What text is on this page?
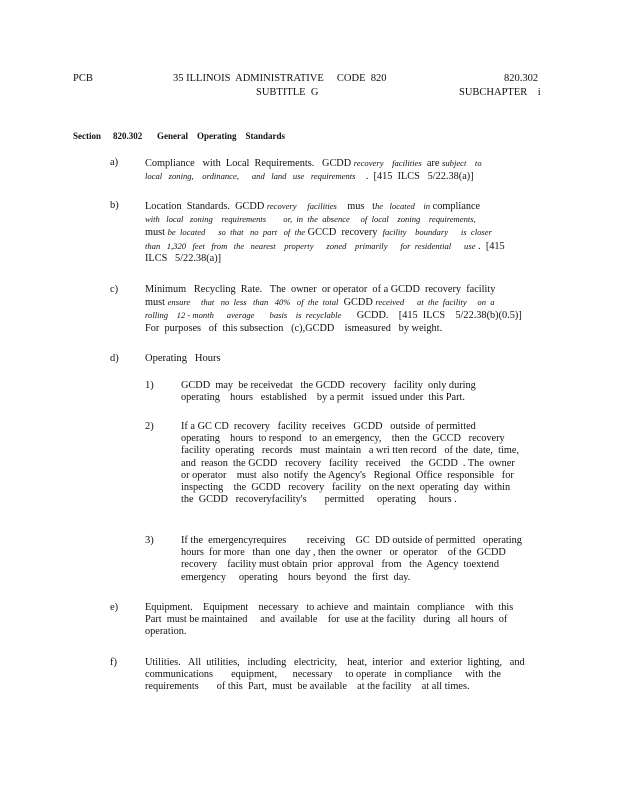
PCB	35 ILLINOIS  ADMINISTRATIVE     CODE  820	820.302
SUBTITLE  G	SUBCHAPTER    i
Section 820.302 General    Operating    Standards
a)	Compliance   with  Local  Requirements.   GCDD recovery    facilities  are subject    to
local   zoning,    ordinance,      and   land   use   requirements    .  [415  ILCS   5/22.38(a)]
b)	Location  Standards.  GCDD recovery     facilities    mus   the   located    in compliance
with   local   zoning    requirements        or,  in  the  absence     of  local    zoning    requirements,
must be  located      so  that   no  part   of  the GCCD  recovery  facility    boundary      is  closer
than   1,320   feet   from   the   nearest    property      zoned    primarily      for  residential      use .  [415
ILCS   5/22.38(a)]
c)	Minimum   Recycling  Rate.   The  owner  or operator  of a GCDD  recovery  facility
must ensure     that   no  less   than   40%   of  the  total  GCDD received      at  the  facility     on  a
rolling    12 - month      average       basis    is  recyclable      GCDD.    [415  ILCS    5/22.38(b)(0.5)]
For  purposes   of  this subsection   (c),GCDD    ismeasured   by weight.
d)	Operating   Hours
1)	GCDD  may  be receivedat   the GCDD  recovery   facility  only during
operating    hours   established    by a permit   issued under  this Part.
2)	If a GC CD  recovery   facility  receives   GCDD   outside  of permitted
operating    hours  to respond   to  an emergency,    then  the  GCCD   recovery
facility  operating   records   must  maintain   a wri tten record   of the  date,  time,
and  reason  the GCDD   recovery   facility   received    the  GCDD  . The  owner
or operator    must  also  notify  the Agency's   Regional  Office  responsible   for
inspecting    the  GCDD   recovery   facility   on the next  operating  day  within
the  GCDD   recoveryfacility's       permitted     operating     hours .
3)	If the  emergencyrequires        receiving    GC  DD outside of permitted   operating
hours  for more   than  one  day , then  the owner   or  operator    of the  GCDD
recovery    facility must obtain  prior  approval   from   the  Agency  toextend
emergency     operating    hours  beyond   the  first  day.
e)	Equipment.    Equipment    necessary   to achieve  and  maintain   compliance    with  this
Part  must be maintained     and  available    for  use at the facility   during   all hours  of
operation.
f)	Utilities.   All  utilities,   including   electricity,    heat,  interior   and  exterior  lighting,   and
communications       equipment,      necessary     to operate   in compliance     with  the
requirements       of this  Part,  must  be available    at the facility    at all times.
